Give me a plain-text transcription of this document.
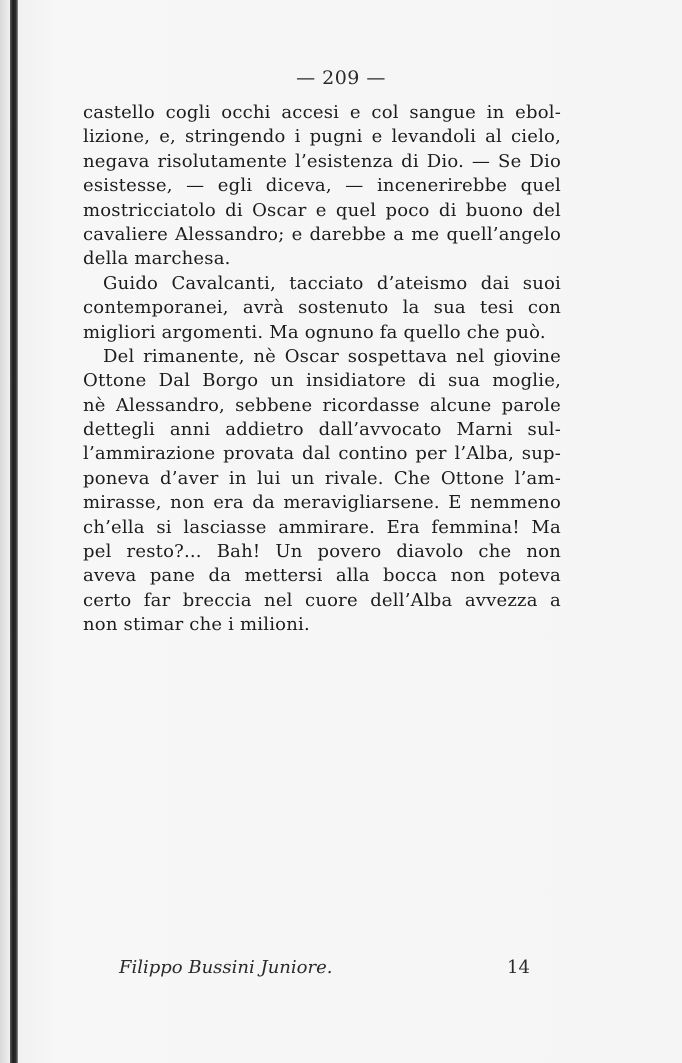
— 209 —
castello cogli occhi accesi e col sangue in ebol-
lizione, e, stringendo i pugni e levandoli al cielo,
negava risolutamente l’esistenza di Dio. — Se Dio
esistesse, — egli diceva, — incenerirebbe quel
mostricciatolo di Oscar e quel poco di buono del
cavaliere Alessandro; e darebbe a me quell’angelo
della marchesa.
Guido Cavalcanti, tacciato d’ateismo dai suoi
contemporanei, avrà sostenuto la sua tesi con
migliori argomenti. Ma ognuno fa quello che può.
Del rimanente, nè Oscar sospettava nel giovine
Ottone Dal Borgo un insidiatore di sua moglie,
nè Alessandro, sebbene ricordasse alcune parole
dettegli anni addietro dall’avvocato Marni sul-
l’ammirazione provata dal contino per l’Alba, sup-
poneva d’aver in lui un rivale. Che Ottone l’am-
mirasse, non era da meravigliarsene. E nemmeno
ch’ella si lasciasse ammirare. Era femmina! Ma
pel resto?... Bah! Un povero diavolo che non
aveva pane da mettersi alla bocca non poteva
certo far breccia nel cuore dell’Alba avvezza a
non stimar che i milioni.
Filippo Bussini Juniore.	14
